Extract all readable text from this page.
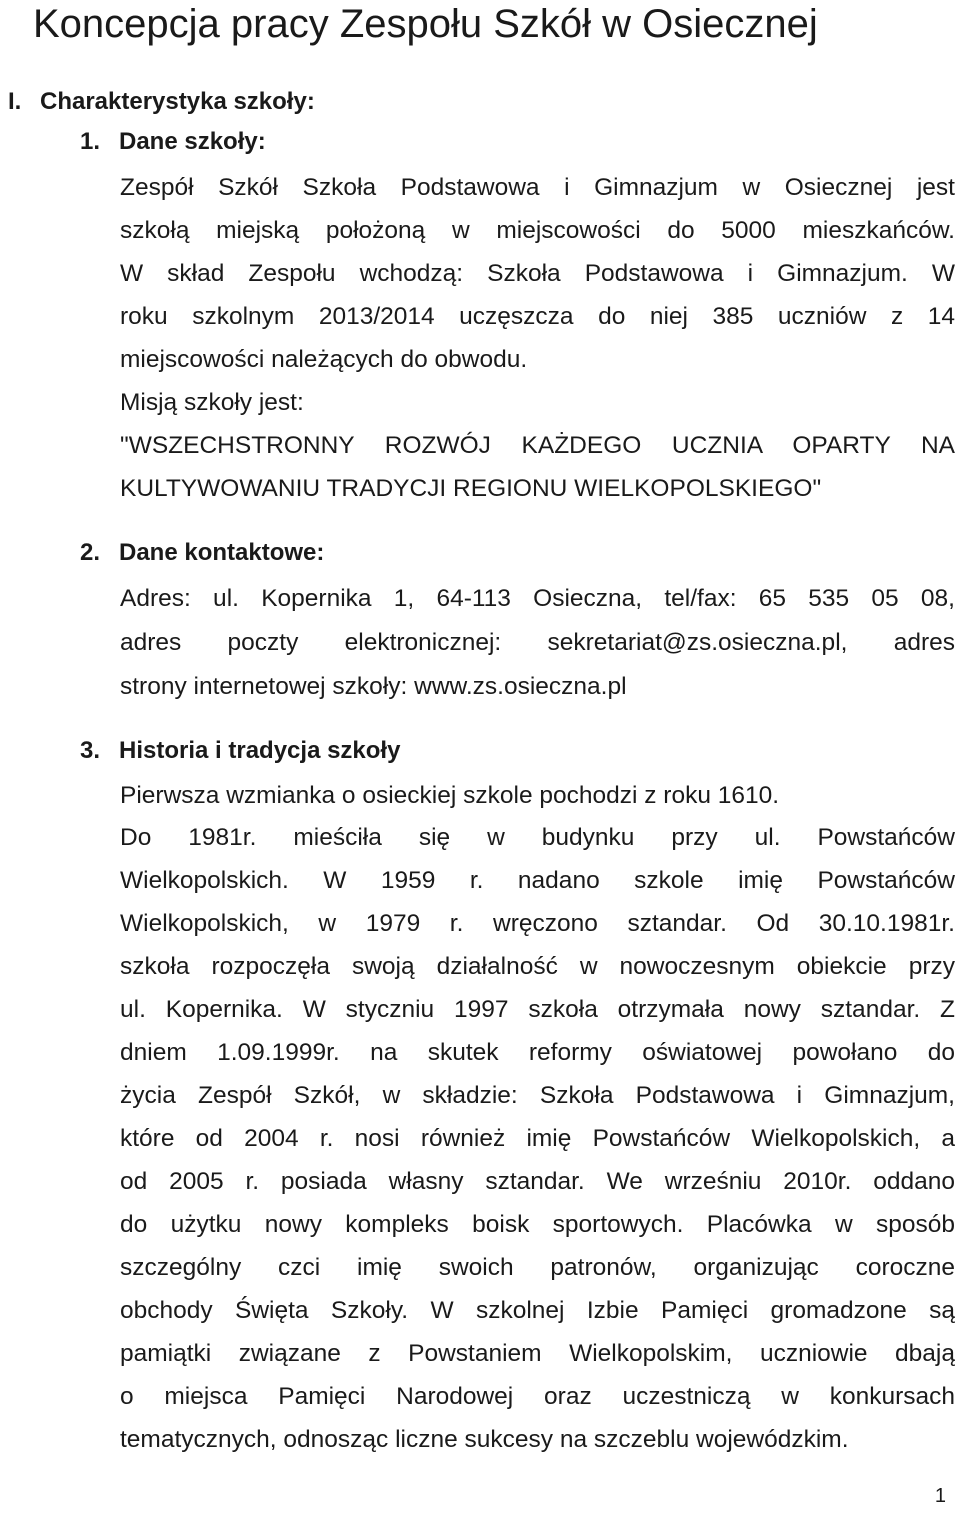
Koncepcja pracy Zespołu Szkół w Osiecznej
I. Charakterystyka szkoły:
1. Dane szkoły:
Zespół Szkół Szkoła Podstawowa i Gimnazjum w Osiecznej jest
szkołą miejską położoną w miejscowości do 5000 mieszkańców.
W skład Zespołu wchodzą: Szkoła Podstawowa i Gimnazjum. W
roku szkolnym 2013/2014 uczęszcza do niej 385 uczniów z 14
miejscowości należących do obwodu.
Misją szkoły jest:
"WSZECHSTRONNY ROZWÓJ KAŻDEGO UCZNIA OPARTY NA
KULTYWOWANIU TRADYCJI REGIONU WIELKOPOLSKIEGO"
2. Dane kontaktowe:
Adres: ul. Kopernika 1, 64-113 Osieczna, tel/fax: 65 535 05 08,
adres poczty elektronicznej: sekretariat@zs.osieczna.pl, adres
strony internetowej szkoły: www.zs.osieczna.pl
3. Historia i tradycja szkoły
Pierwsza wzmianka o osieckiej szkole pochodzi z roku 1610.
Do 1981r. mieściła się w budynku przy ul. Powstańców
Wielkopolskich. W 1959 r. nadano szkole imię Powstańców
Wielkopolskich, w 1979 r. wręczono sztandar. Od 30.10.1981r.
szkoła rozpoczęła swoją działalność w nowoczesnym obiekcie przy
ul. Kopernika. W styczniu 1997 szkoła otrzymała nowy sztandar. Z
dniem 1.09.1999r. na skutek reformy oświatowej powołano do
życia Zespół Szkół, w składzie: Szkoła Podstawowa i Gimnazjum,
które od 2004 r. nosi również imię Powstańców Wielkopolskich, a
od 2005 r. posiada własny sztandar. We wrześniu 2010r. oddano
do użytku nowy kompleks boisk sportowych. Placówka w sposób
szczególny czci imię swoich patronów, organizując coroczne
obchody Święta Szkoły. W szkolnej Izbie Pamięci gromadzone są
pamiątki związane z Powstaniem Wielkopolskim, uczniowie dbają
o miejsca Pamięci Narodowej oraz uczestniczą w konkursach
tematycznych, odnosząc liczne sukcesy na szczeblu wojewódzkim.
1
